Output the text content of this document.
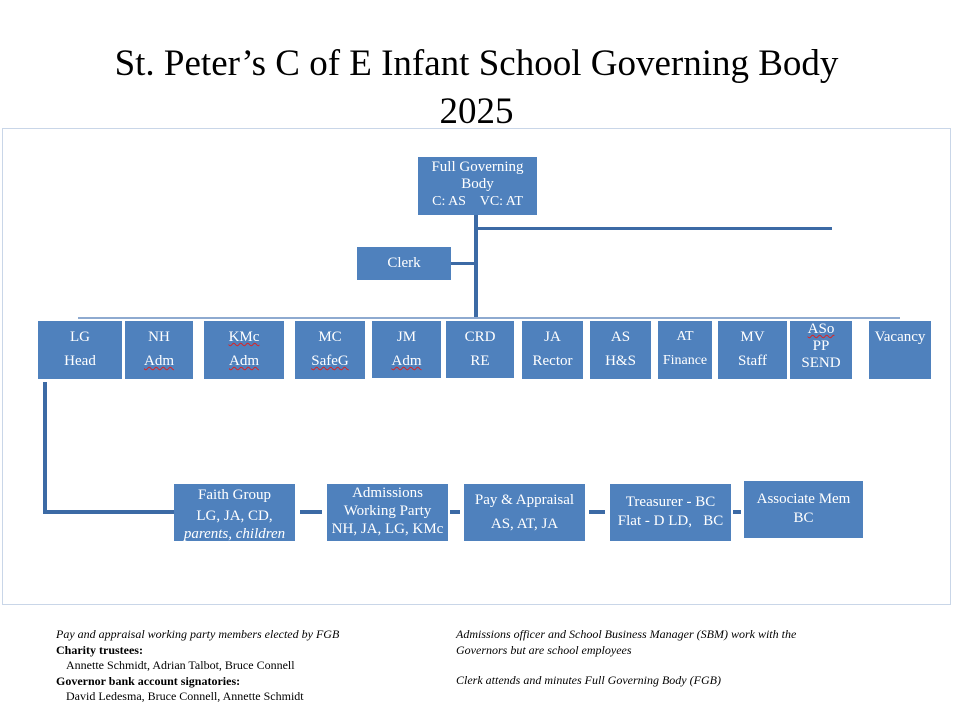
St. Peter’s C of E Infant School Governing Body
2025
Full Governing
Body
C: AS    VC: AT
Clerk
LG
Head
NH
Adm
KMc
Adm
MC
SafeG
JM
Adm
CRD
RE
JA
Rector
AS
H&S
AT
Finance
MV
Staff
ASo
PP
SEND
Vacancy
Faith Group
LG, JA, CD,
parents, children
Admissions
Working Party
NH, JA, LG, KMc
Pay & Appraisal
AS, AT, JA
Treasurer - BC
Flat - D LD,   BC
Associate Mem
BC
Pay and appraisal working party members elected by FGB
Charity trustees:
Annette Schmidt, Adrian Talbot, Bruce Connell
Governor bank account signatories:
David Ledesma, Bruce Connell, Annette Schmidt
Admissions officer and School Business Manager (SBM) work with the
Governors but are school employees
Clerk attends and minutes Full Governing Body (FGB)
